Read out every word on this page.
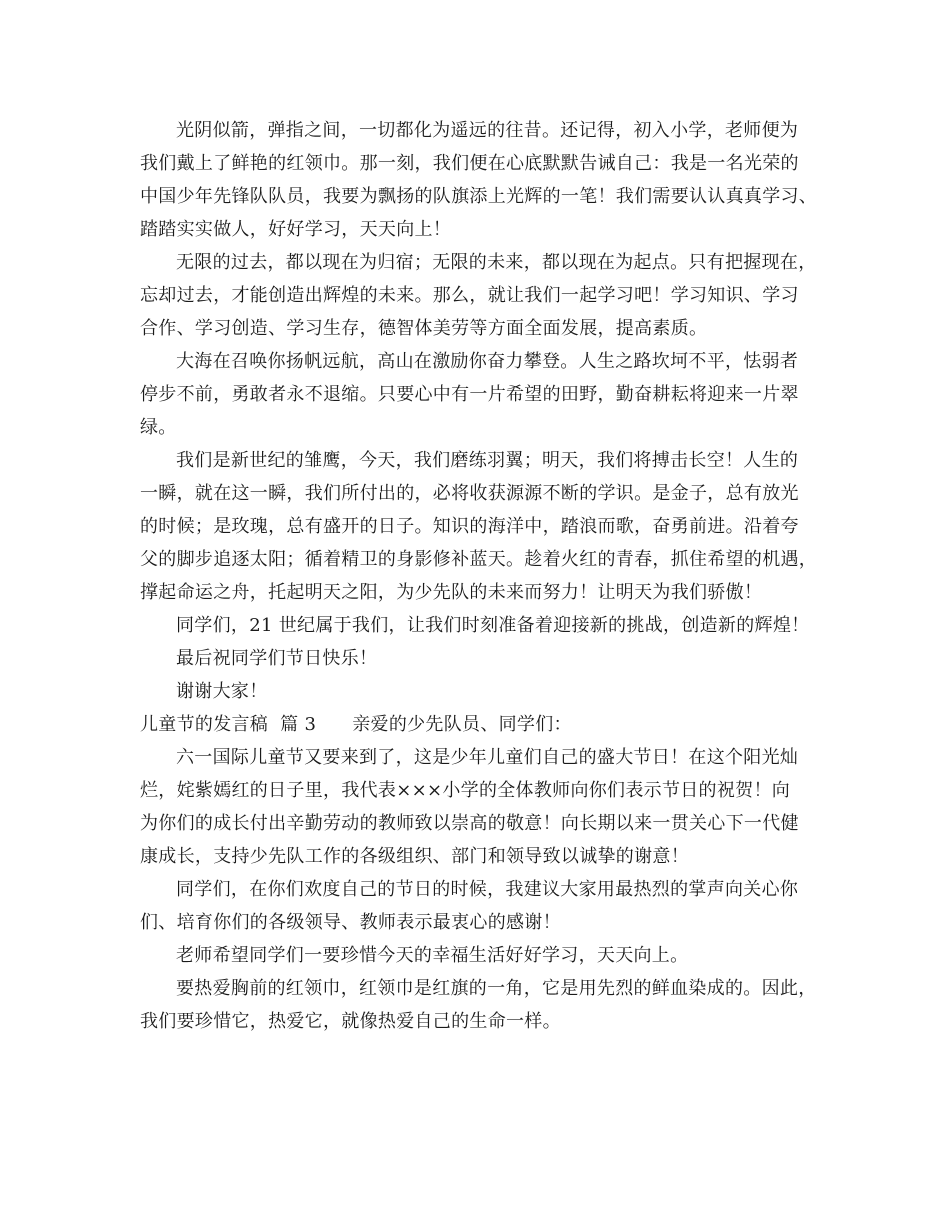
光阴似箭，弹指之间，一切都化为遥远的往昔。还记得，初入小学，老师便为
我们戴上了鲜艳的红领巾。那一刻，我们便在心底默默告诫自己：我是一名光荣的
中国少年先锋队队员，我要为飘扬的队旗添上光辉的一笔！我们需要认认真真学习、
踏踏实实做人，好好学习，天天向上！

无限的过去，都以现在为归宿；无限的未来，都以现在为起点。只有把握现在，
忘却过去，才能创造出辉煌的未来。那么，就让我们一起学习吧！学习知识、学习
合作、学习创造、学习生存，德智体美劳等方面全面发展，提高素质。

大海在召唤你扬帆远航，高山在激励你奋力攀登。人生之路坎坷不平，怯弱者
停步不前，勇敢者永不退缩。只要心中有一片希望的田野，勤奋耕耘将迎来一片翠
绿。

我们是新世纪的雏鹰，今天，我们磨练羽翼；明天，我们将搏击长空！人生的
一瞬，就在这一瞬，我们所付出的，必将收获源源不断的学识。是金子，总有放光
的时候；是玫瑰，总有盛开的日子。知识的海洋中，踏浪而歌，奋勇前进。沿着夸
父的脚步追逐太阳；循着精卫的身影修补蓝天。趁着火红的青春，抓住希望的机遇，
撑起命运之舟，托起明天之阳，为少先队的未来而努力！让明天为我们骄傲！

同学们，21 世纪属于我们，让我们时刻准备着迎接新的挑战，创造新的辉煌！

最后祝同学们节日快乐！

谢谢大家！

儿童节的发言稿  篇 3 亲爱的少先队员、同学们：

六一国际儿童节又要来到了，这是少年儿童们自己的盛大节日！在这个阳光灿
烂，姹紫嫣红的日子里，我代表×××小学的全体教师向你们表示节日的祝贺！向
为你们的成长付出辛勤劳动的教师致以崇高的敬意！向长期以来一贯关心下一代健
康成长，支持少先队工作的各级组织、部门和领导致以诚挚的谢意！

同学们，在你们欢度自己的节日的时候，我建议大家用最热烈的掌声向关心你
们、培育你们的各级领导、教师表示最衷心的感谢！

老师希望同学们一要珍惜今天的幸福生活好好学习，天天向上。

要热爱胸前的红领巾，红领巾是红旗的一角，它是用先烈的鲜血染成的。因此，
我们要珍惜它，热爱它，就像热爱自己的生命一样。
